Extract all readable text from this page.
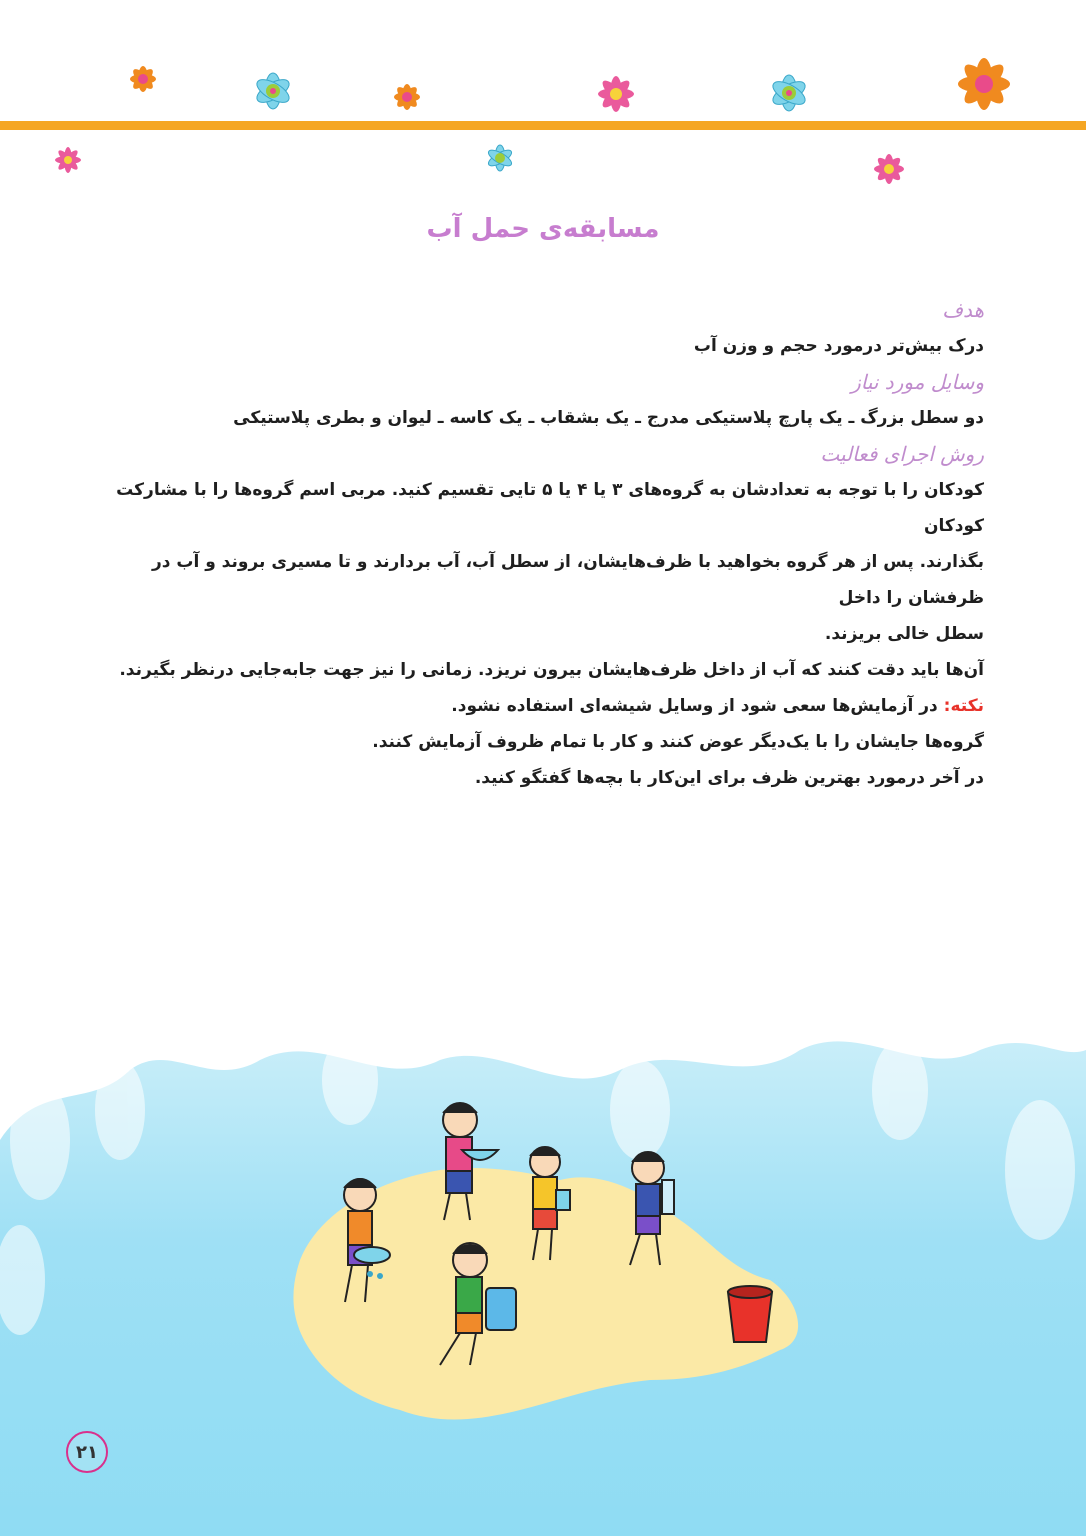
مسابقه‌ی حمل آب

هدف

درک بیش‌تر درمورد حجم و وزن آب

وسایل مورد نیاز

دو سطل بزرگ ـ یک پارچ پلاستیکی مدرج ـ یک بشقاب ـ یک کاسه ـ لیوان و بطری پلاستیکی

روش اجرای فعالیت

کودکان را با توجه به تعدادشان به گروه‌های ۳ یا ۴ یا ۵ تایی تقسیم کنید. مربی اسم گروه‌ها را با مشارکت کودکان

بگذارند. پس از هر گروه بخواهید با ظرف‌هایشان، از سطل آب، آب بردارند و تا مسیری بروند و آب در ظرفشان را داخل

سطل خالی بریزند.

آن‌ها باید دقت کنند که آب از داخل ظرف‌هایشان بیرون نریزد. زمانی را نیز جهت جابه‌جایی درنظر بگیرند.

نکته: در آزمایش‌ها سعی شود از وسایل شیشه‌ای استفاده نشود.

گروه‌ها جایشان را با یک‌دیگر عوض کنند و کار با تمام ظروف آزمایش کنند.

در آخر درمورد بهترین ظرف برای این‌کار با بچه‌ها گفتگو کنید.

۲۱
